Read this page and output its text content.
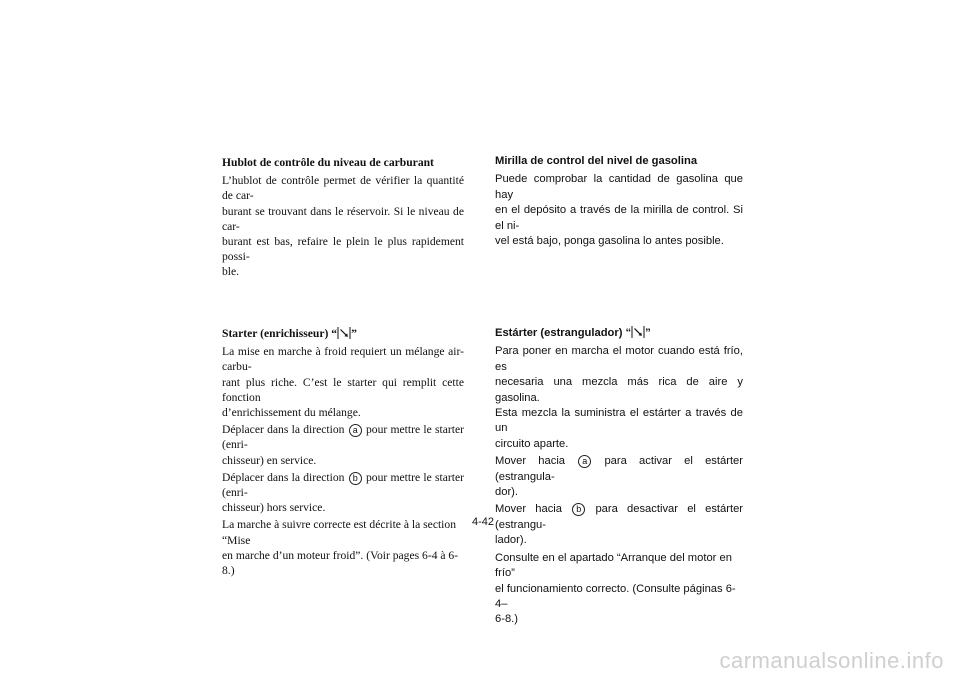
Hublot de contrôle du niveau de carburant
L’hublot de contrôle permet de vérifier la quantité de car-
burant se trouvant dans le réservoir. Si le niveau de car-
burant est bas, refaire le plein le plus rapidement possi-
ble.
Mirilla de control del nivel de gasolina
Puede comprobar la cantidad de gasolina que hay
en el depósito a través de la mirilla de control. Si el ni-
vel está bajo, ponga gasolina lo antes posible.
Starter (enrichisseur) “ ”
La mise en marche à froid requiert un mélange air-carbu-
rant plus riche. C’est le starter qui remplit cette fonction
d’enrichissement du mélange.
Déplacer dans la direction a pour mettre le starter (enri-
chisseur) en service.
Déplacer dans la direction b pour mettre le starter (enri-
chisseur) hors service.
La marche à suivre correcte est décrite à la section “Mise
en marche d’un moteur froid”. (Voir pages 6-4 à 6-8.)
Estárter (estrangulador) “ ”
Para poner en marcha el motor cuando está frío, es
necesaria una mezcla más rica de aire y gasolina.
Esta mezcla la suministra el estárter a través de un
circuito aparte.
Mover hacia a para activar el estárter (estrangula-
dor).
Mover hacia b para desactivar el estárter (estrangu-
lador).
Consulte en el apartado “Arranque del motor en frío”
el funcionamiento correcto. (Consulte páginas 6-4–
6-8.)
4-42
carmanualsonline.info
